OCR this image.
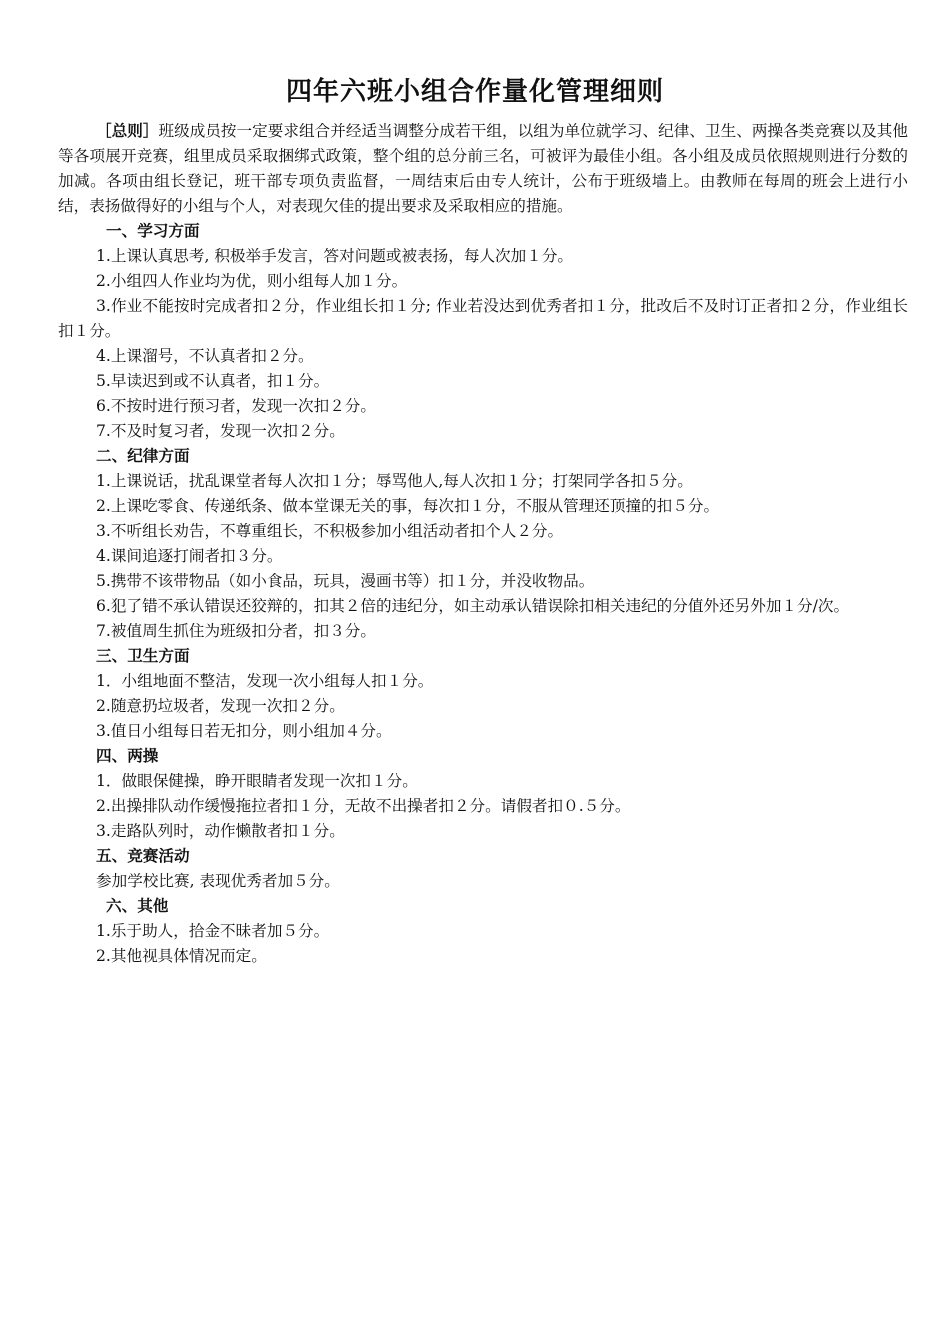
四年六班小组合作量化管理细则

［总则］班级成员按一定要求组合并经适当调整分成若干组，以组为单位就学习、纪律、卫生、两操各类竞赛以及其他等各项展开竞赛，组里成员采取捆绑式政策，整个组的总分前三名，可被评为最佳小组。各小组及成员依照规则进行分数的加减。各项由组长登记，班干部专项负责监督，一周结束后由专人统计，公布于班级墙上。由教师在每周的班会上进行小结，表扬做得好的小组与个人，对表现欠佳的提出要求及采取相应的措施。

一、学习方面

1.上课认真思考, 积极举手发言，答对问题或被表扬，每人次加１分。

2.小组四人作业均为优，则小组每人加１分。

3.作业不能按时完成者扣２分，作业组长扣１分; 作业若没达到优秀者扣１分，批改后不及时订正者扣２分，作业组长扣１分。

4.上课溜号，不认真者扣２分。

5.早读迟到或不认真者，扣１分。

6.不按时进行预习者，发现一次扣２分。

7.不及时复习者，发现一次扣２分。

二、纪律方面

1.上课说话，扰乱课堂者每人次扣１分；辱骂他人,每人次扣１分；打架同学各扣５分。

2.上课吃零食、传递纸条、做本堂课无关的事，每次扣１分，不服从管理还顶撞的扣５分。

3.不听组长劝告，不尊重组长，不积极参加小组活动者扣个人２分。

4.课间追逐打闹者扣３分。

5.携带不该带物品（如小食品，玩具，漫画书等）扣１分，并没收物品。

6.犯了错不承认错误还狡辩的，扣其２倍的违纪分，如主动承认错误除扣相关违纪的分值外还另外加１分/次。

7.被值周生抓住为班级扣分者，扣３分。

三、卫生方面

1．小组地面不整洁，发现一次小组每人扣１分。

2.随意扔垃圾者，发现一次扣２分。

3.值日小组每日若无扣分，则小组加４分。

四、两操

1．做眼保健操，睁开眼睛者发现一次扣１分。

2.出操排队动作缓慢拖拉者扣１分，无故不出操者扣２分。请假者扣０.５分。

3.走路队列时，动作懒散者扣１分。

五、竞赛活动

参加学校比赛, 表现优秀者加５分。

六、其他

1.乐于助人，拾金不昧者加５分。

2.其他视具体情况而定。
